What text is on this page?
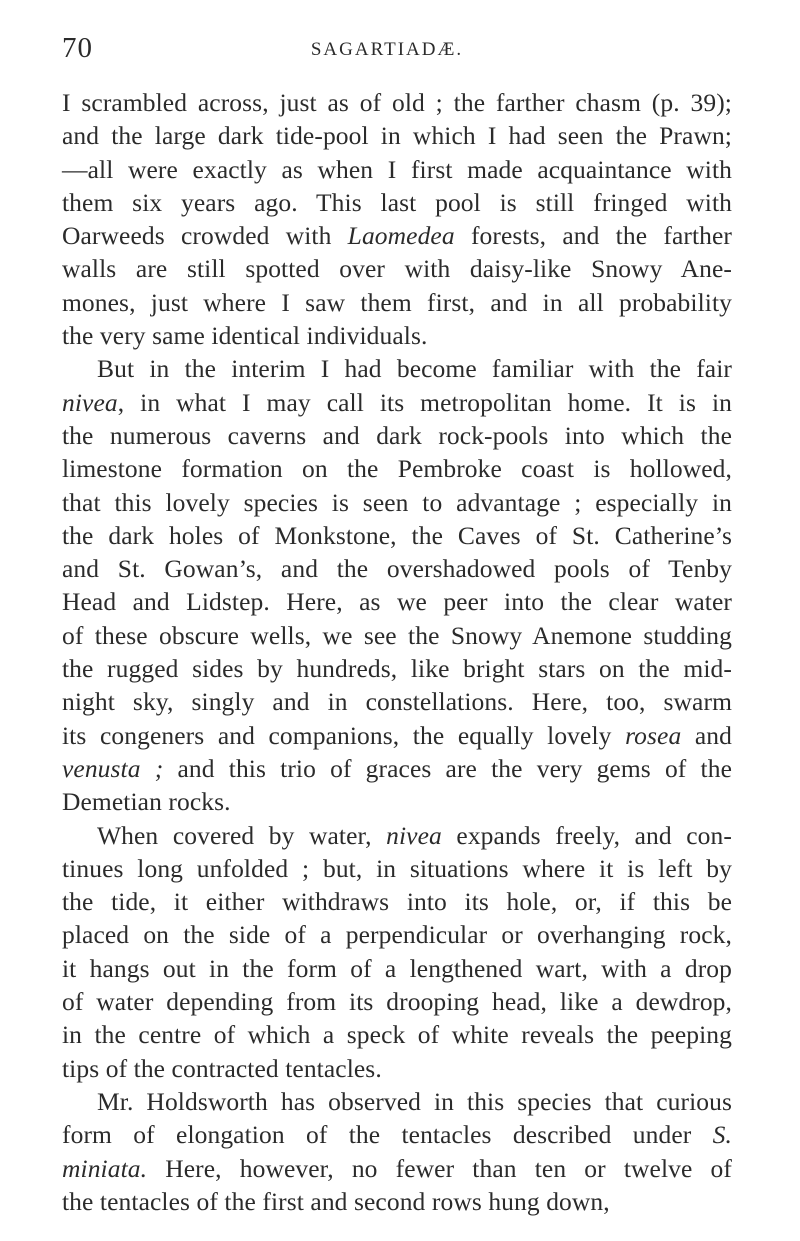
70	SAGARTIADÆ.
I scrambled across, just as of old ; the farther chasm (p. 39);
and the large dark tide-pool in which I had seen the Prawn;
—all were exactly as when I first made acquaintance with
them six years ago. This last pool is still fringed with
Oarweeds crowded with Laomedea forests, and the farther
walls are still spotted over with daisy-like Snowy Ane-
mones, just where I saw them first, and in all probability
the very same identical individuals.
But in the interim I had become familiar with the fair
nivea, in what I may call its metropolitan home. It is in
the numerous caverns and dark rock-pools into which the
limestone formation on the Pembroke coast is hollowed,
that this lovely species is seen to advantage ; especially in
the dark holes of Monkstone, the Caves of St. Catherine’s
and St. Gowan’s, and the overshadowed pools of Tenby
Head and Lidstep. Here, as we peer into the clear water
of these obscure wells, we see the Snowy Anemone studding
the rugged sides by hundreds, like bright stars on the mid-
night sky, singly and in constellations. Here, too, swarm
its congeners and companions, the equally lovely rosea and
venusta ; and this trio of graces are the very gems of the
Demetian rocks.
When covered by water, nivea expands freely, and con-
tinues long unfolded ; but, in situations where it is left by
the tide, it either withdraws into its hole, or, if this be
placed on the side of a perpendicular or overhanging rock,
it hangs out in the form of a lengthened wart, with a drop
of water depending from its drooping head, like a dewdrop,
in the centre of which a speck of white reveals the peeping
tips of the contracted tentacles.
Mr. Holdsworth has observed in this species that curious
form of elongation of the tentacles described under S.
miniata. Here, however, no fewer than ten or twelve of
the tentacles of the first and second rows hung down,
